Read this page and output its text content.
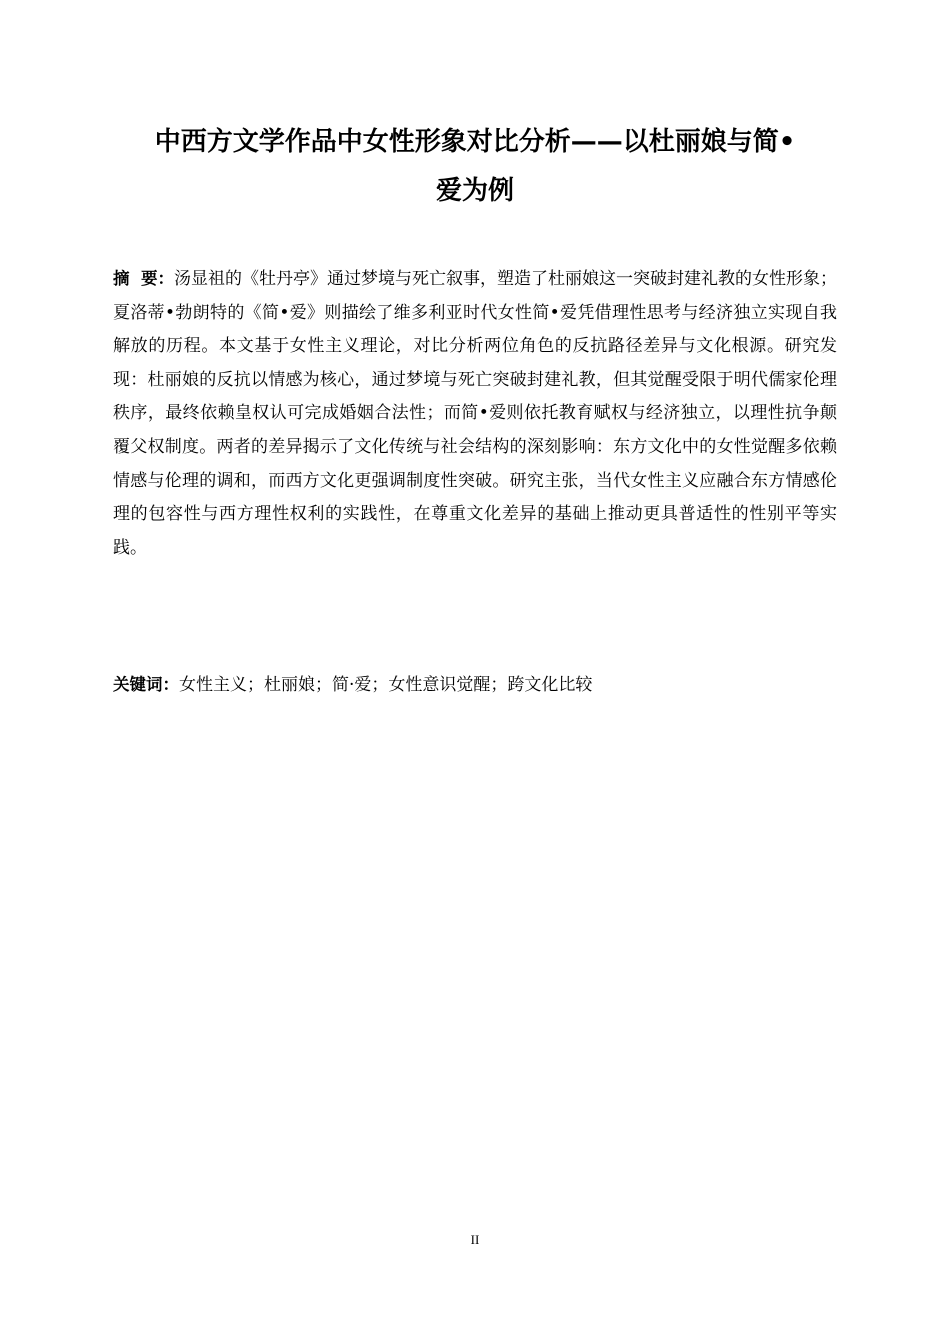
中西方文学作品中女性形象对比分析——以杜丽娘与简•
爱为例
摘  要：汤显祖的《牡丹亭》通过梦境与死亡叙事，塑造了杜丽娘这一突破封建礼教的女性形象；夏洛蒂•勃朗特的《简•爱》则描绘了维多利亚时代女性简•爱凭借理性思考与经济独立实现自我解放的历程。本文基于女性主义理论，对比分析两位角色的反抗路径差异与文化根源。研究发现：杜丽娘的反抗以情感为核心，通过梦境与死亡突破封建礼教，但其觉醒受限于明代儒家伦理秩序，最终依赖皇权认可完成婚姻合法性；而简•爱则依托教育赋权与经济独立，以理性抗争颠覆父权制度。两者的差异揭示了文化传统与社会结构的深刻影响：东方文化中的女性觉醒多依赖情感与伦理的调和，而西方文化更强调制度性突破。研究主张，当代女性主义应融合东方情感伦理的包容性与西方理性权利的实践性，在尊重文化差异的基础上推动更具普适性的性别平等实践。
关键词：女性主义；杜丽娘；简·爱；女性意识觉醒；跨文化比较
II
